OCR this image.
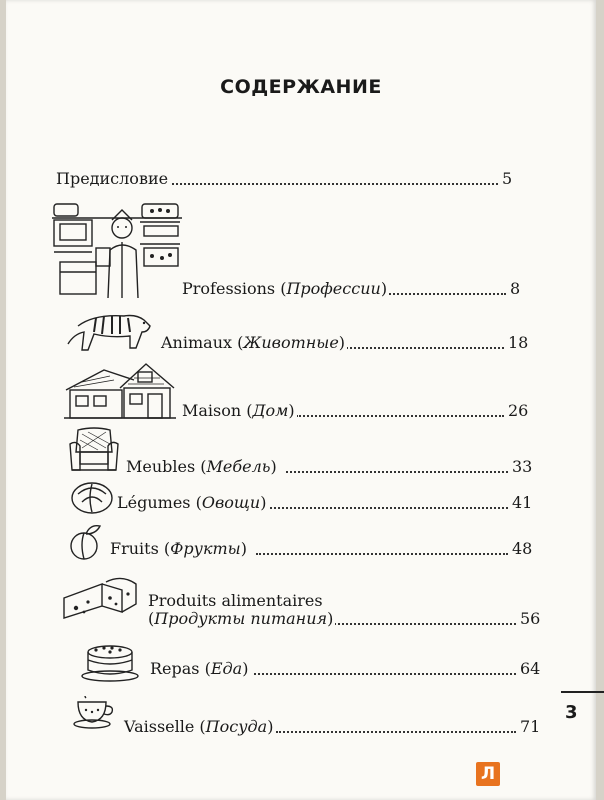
СОДЕРЖАНИЕ
Предисловие	5
Professions (Профессии)	8
Animaux (Животные)	18
Maison (Дом)	26
Meubles (Мебель)	33
Légumes (Овощи)	41
Fruits (Фрукты)	48
Produits alimentaires
(Продукты питания)	56
Repas (Еда)	64
Vaisselle (Посуда)	71
3
Л
